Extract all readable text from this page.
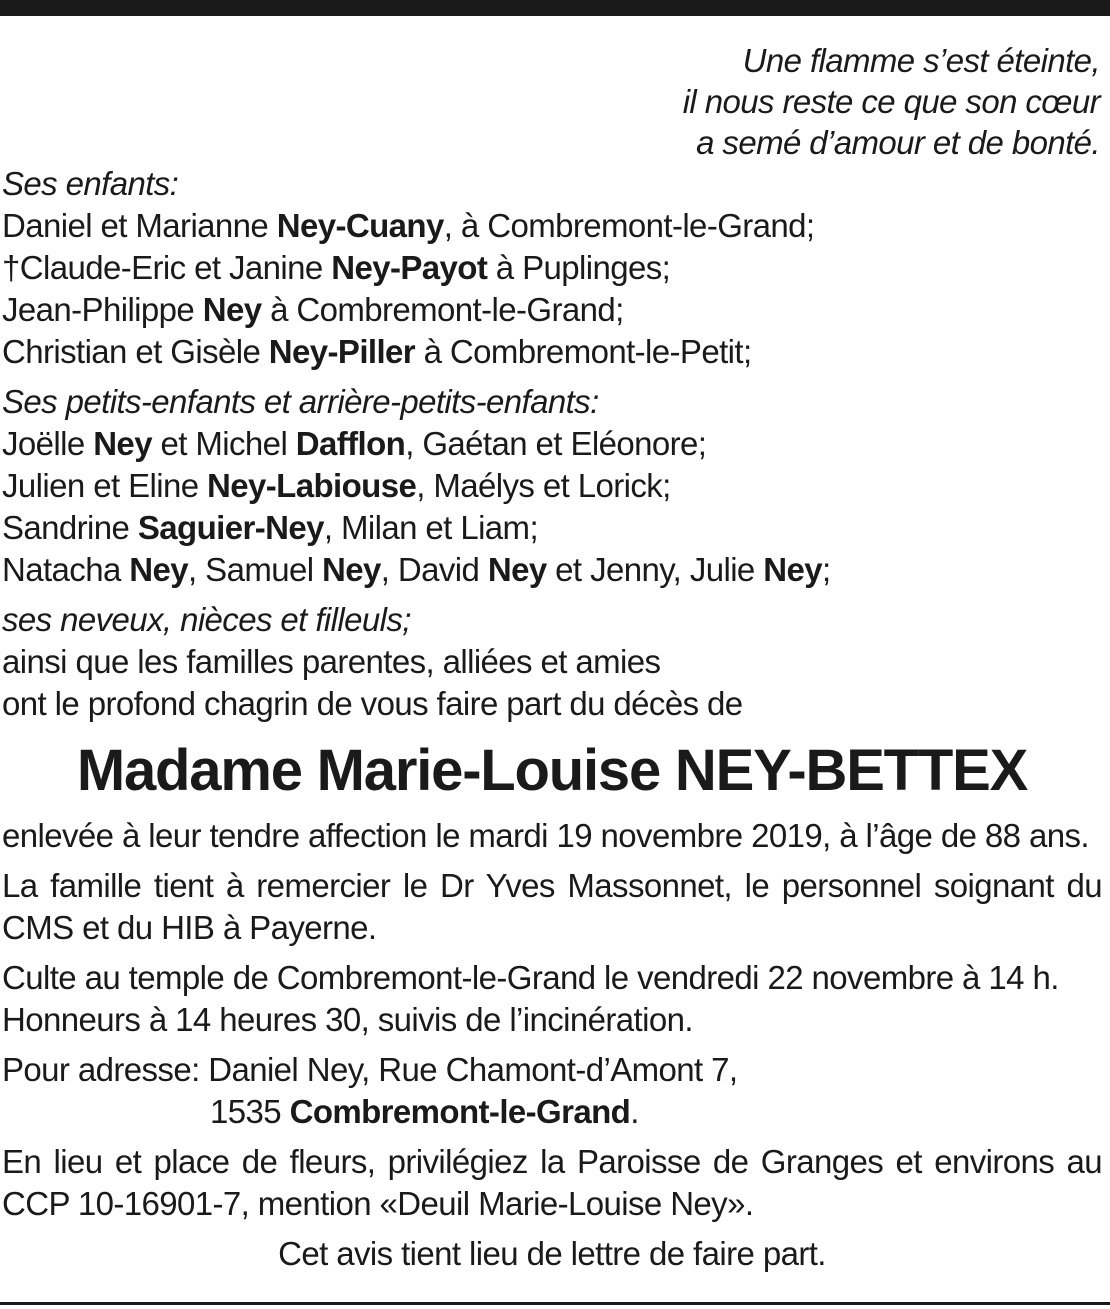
Une flamme s’est éteinte,
il nous reste ce que son cœur
a semé d’amour et de bonté.
Ses enfants:
Daniel et Marianne Ney-Cuany, à Combremont-le-Grand;
†Claude-Eric et Janine Ney-Payot à Puplinges;
Jean-Philippe Ney à Combremont-le-Grand;
Christian et Gisèle Ney-Piller à Combremont-le-Petit;
Ses petits-enfants et arrière-petits-enfants:
Joëlle Ney et Michel Dafflon, Gaétan et Eléonore;
Julien et Eline Ney-Labiouse, Maélys et Lorick;
Sandrine Saguier-Ney, Milan et Liam;
Natacha Ney, Samuel Ney, David Ney et Jenny, Julie Ney;
ses neveux, nièces et filleuls;
ainsi que les familles parentes, alliées et amies
ont le profond chagrin de vous faire part du décès de
Madame Marie-Louise NEY-BETTEX
enlevée à leur tendre affection le mardi 19 novembre 2019, à l’âge de 88 ans.
La famille tient à remercier le Dr Yves Massonnet, le personnel soignant du CMS et du HIB à Payerne.
Culte au temple de Combremont-le-Grand le vendredi 22 novembre à 14 h.
Honneurs à 14 heures 30, suivis de l’incinération.
Pour adresse: Daniel Ney, Rue Chamont-d’Amont 7,
1535 Combremont-le-Grand.
En lieu et place de fleurs, privilégiez la Paroisse de Granges et environs au CCP 10-16901-7, mention «Deuil Marie-Louise Ney».
Cet avis tient lieu de lettre de faire part.
